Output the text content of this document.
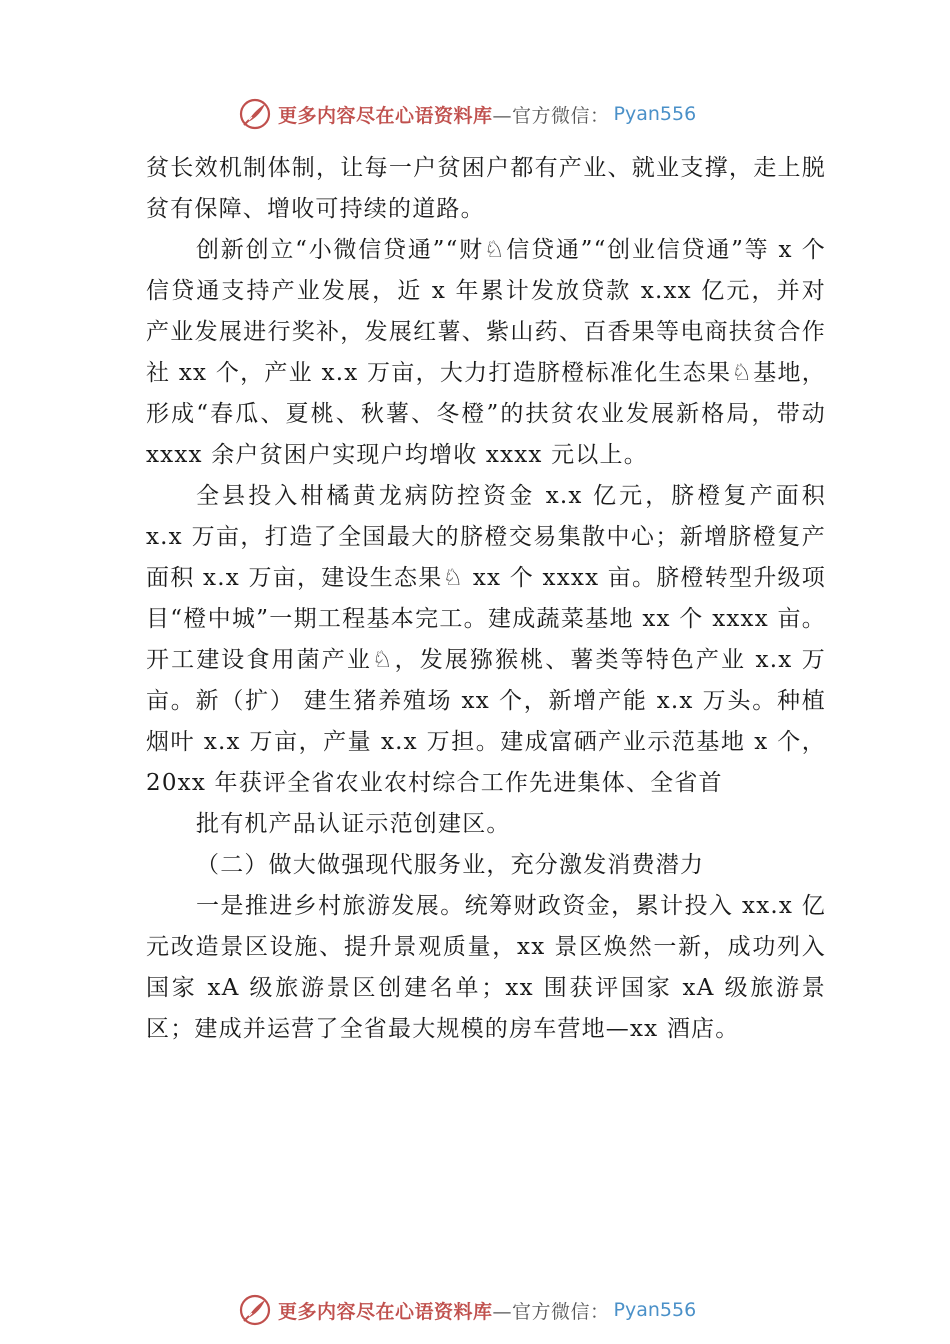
更多内容尽在心语资料库 —官方微信： Pyan556

贫长效机制体制，让每一户贫困户都有产业、就业支撑，走上脱贫有保障、增收可持续的道路。

创新创立“小微信贷通”“财♘信贷通”“创业信贷通”等 x 个信贷通支持产业发展，近 x 年累计发放贷款 x.xx 亿元，并对产业发展进行奖补，发展红薯、紫山药、百香果等电商扶贫合作社 xx 个，产业 x.x 万亩，大力打造脐橙标准化生态果♘基地，形成“春瓜、夏桃、秋薯、冬橙”的扶贫农业发展新格局，带动 xxxx 余户贫困户实现户均增收 xxxx 元以上。

全县投入柑橘黄龙病防控资金 x.x 亿元，脐橙复产面积 x.x 万亩，打造了全国最大的脐橙交易集散中心；新增脐橙复产面积 x.x 万亩，建设生态果♘ xx 个 xxxx 亩。脐橙转型升级项目“橙中城”一期工程基本完工。建成蔬菜基地 xx 个 xxxx 亩。开工建设食用菌产业♘，发展猕猴桃、薯类等特色产业 x.x 万亩。新（扩） 建生猪养殖场 xx 个，新增产能 x.x 万头。种植烟叶 x.x 万亩，产量 x.x 万担。建成富硒产业示范基地 x 个，20xx 年获评全省农业农村综合工作先进集体、全省首

批有机产品认证示范创建区。

（二）做大做强现代服务业，充分激发消费潜力

一是推进乡村旅游发展。统筹财政资金，累计投入 xx.x 亿元改造景区设施、提升景观质量，xx 景区焕然一新，成功列入国家 xA 级旅游景区创建名单；xx 围获评国家 xA 级旅游景区；建成并运营了全省最大规模的房车营地—xx 酒店。

更多内容尽在心语资料库 —官方微信： Pyan556
